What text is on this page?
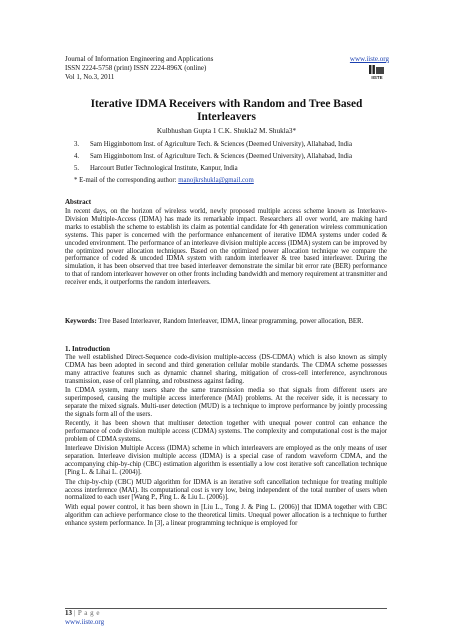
Journal of Information Engineering and Applications
ISSN 2224-5758 (print) ISSN 2224-896X (online)
Vol 1, No.3, 2011
www.iiste.org
IISTE
Iterative IDMA Receivers with Random and Tree Based Interleavers
Kulbhushan Gupta 1 C.K. Shukla2 M. Shukla3*
3. Sam Higginbottom Inst. of Agriculture Tech. & Sciences (Deemed University), Allahabad, India
4. Sam Higginbottom Inst. of Agriculture Tech. & Sciences (Deemed University), Allahabad, India
5. Harcourt Butler Technological Institute, Kanpur, India
* E-mail of the corresponding author: manojkrshukla@gmail.com
Abstract
In recent days, on the horizon of wireless world, newly proposed multiple access scheme known as Interleave-Division Multiple-Access (IDMA) has made its remarkable impact. Researchers all over world, are making hard marks to establish the scheme to establish its claim as potential candidate for 4th generation wireless communication systems. This paper is concerned with the performance enhancement of iterative IDMA systems under coded & uncoded environment. The performance of an interleave division multiple access (IDMA) system can be improved by the optimized power allocation techniques. Based on the optimized power allocation technique we compare the performance of coded & uncoded IDMA system with random interleaver & tree based interleaver. During the simulation, it has been observed that tree based interleaver demonstrate the similar bit error rate (BER) performance to that of random interleaver however on other fronts including bandwidth and memory requirement at transmitter and receiver ends, it outperforms the random interleavers.
Keywords: Tree Based Interleaver, Random Interleaver, IDMA, linear programming, power allocation, BER.
1. Introduction

The well established Direct-Sequence code-division multiple-access (DS-CDMA) which is also known as simply CDMA has been adopted in second and third generation cellular mobile standards. The CDMA scheme possesses many attractive features such as dynamic channel sharing, mitigation of cross-cell interference, asynchronous transmission, ease of cell planning, and robustness against fading.

In CDMA system, many users share the same transmission media so that signals from different users are superimposed, causing the multiple access interference (MAI) problems. At the receiver side, it is necessary to separate the mixed signals. Multi-user detection (MUD) is a technique to improve performance by jointly processing the signals form all of the users.

Recently, it has been shown that multiuser detection together with unequal power control can enhance the performance of code division multiple access (CDMA) systems. The complexity and computational cost is the major problem of CDMA systems.

Interleave Division Multiple Access (IDMA) scheme in which interleavers are employed as the only means of user separation. Interleave division multiple access (IDMA) is a special case of random waveform CDMA, and the accompanying chip-by-chip (CBC) estimation algorithm is essentially a low cost iterative soft cancellation technique [Ping L. & Lihai L. (2004)].

The chip-by-chip (CBC) MUD algorithm for IDMA is an iterative soft cancellation technique for treating multiple access interference (MAI). Its computational cost is very low, being independent of the total number of users when normalized to each user [Wang P., Ping L. & Liu L. (2006)].

With equal power control, it has been shown in [Liu L., Tong J. & Ping L. (2006)] that IDMA together with CBC algorithm can achieve performance close to the theoretical limits. Unequal power allocation is a technique to further enhance system performance. In [3], a linear programming technique is employed for

13 | P a g e
www.iiste.org
